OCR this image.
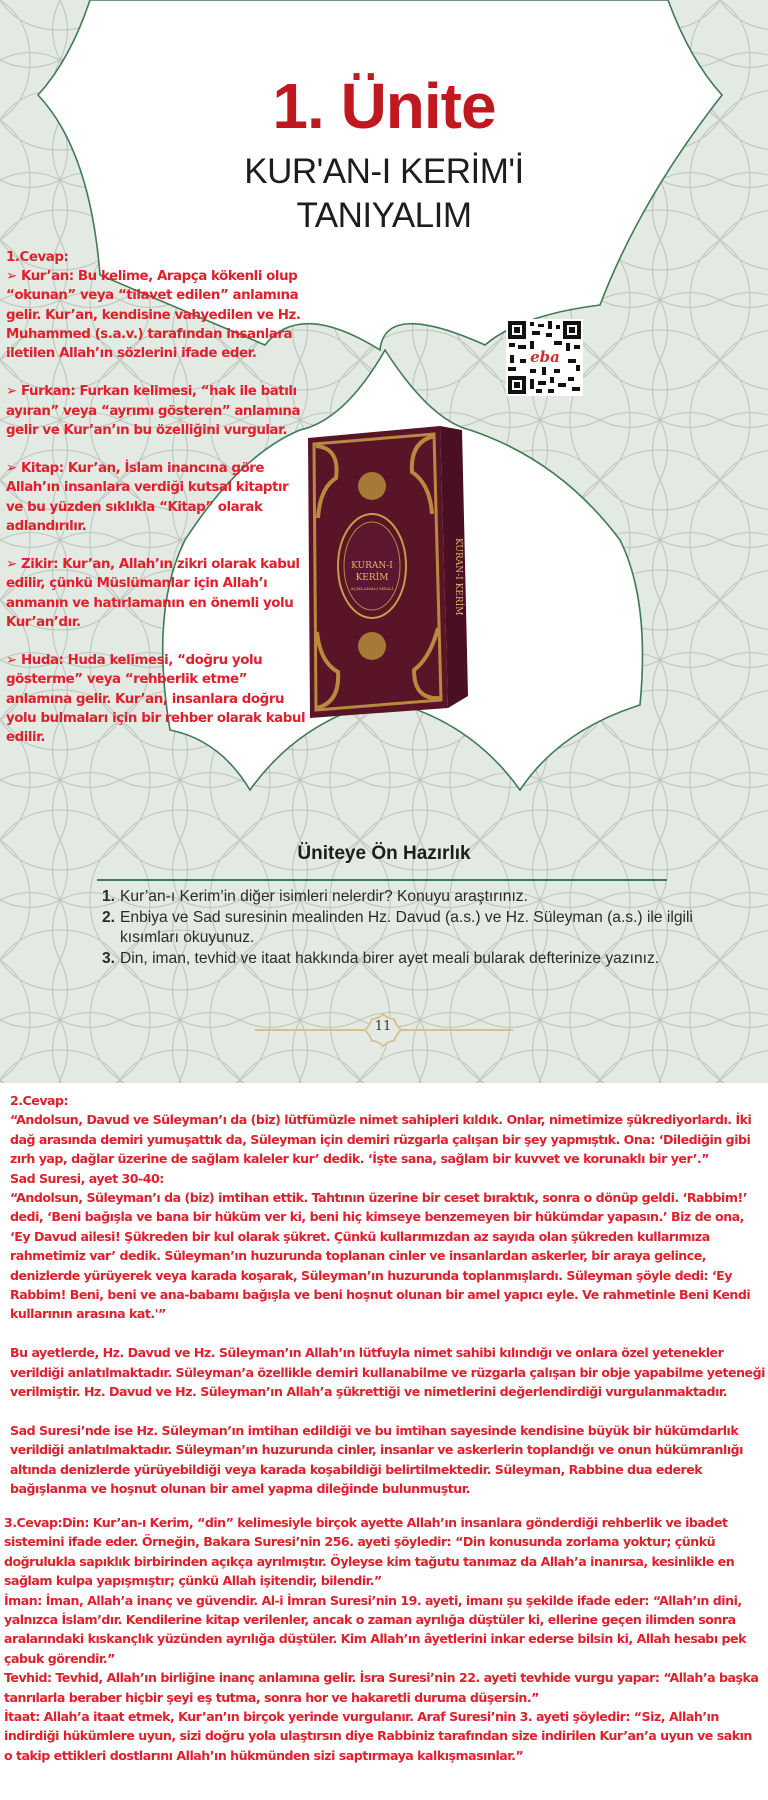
1. Ünite
KUR'AN-I KERİM'İ
TANIYALIM
eba
KURAN-I
KERİM
AÇIKLAMALI MEALİ	KURAN-I KERİM

1.Cevap:

➢ Kur’an: Bu kelime, Arapça kökenli olup “okunan” veya “tilavet edilen” anlamına gelir. Kur’an, kendisine vahyedilen ve Hz. Muhammed (s.a.v.) tarafından insanlara iletilen Allah’ın sözlerini ifade eder.

➢ Furkan: Furkan kelimesi, “hak ile batılı ayıran” veya “ayrımı gösteren” anlamına gelir ve Kur’an’ın bu özelliğini vurgular.

➢ Kitap: Kur’an, İslam inancına göre Allah’ın insanlara verdiği kutsal kitaptır ve bu yüzden sıklıkla “Kitap” olarak adlandırılır.

➢ Zikir: Kur’an, Allah’ın zikri olarak kabul edilir, çünkü Müslümanlar için Allah’ı anmanın ve hatırlamanın en önemli yolu Kur’an’dır.

➢ Huda: Huda kelimesi, “doğru yolu gösterme” veya “rehberlik etme” anlamına gelir. Kur’an, insanlara doğru yolu bulmaları için bir rehber olarak kabul edilir.

Üniteye Ön Hazırlık
1. Kur’an-ı Kerim’in diğer isimleri nelerdir? Konuyu araştırınız.
2. Enbiya ve Sad suresinin mealinden Hz. Davud (a.s.) ve Hz. Süleyman (a.s.) ile ilgili kısımları okuyunuz.
3. Din, iman, tevhid ve itaat hakkında birer ayet meali bularak defterinize yazınız.
11

2.Cevap:

“Andolsun, Davud ve Süleyman’ı da (biz) lütfümüzle nimet sahipleri kıldık. Onlar, nimetimize şükrediyorlardı. İki dağ arasında demiri yumuşattık da, Süleyman için demiri rüzgarla çalışan bir şey yapmıştık. Ona: ‘Dilediğin gibi zırh yap, dağlar üzerine de sağlam kaleler kur’ dedik. ‘İşte sana, sağlam bir kuvvet ve korunaklı bir yer’.”

Sad Suresi, ayet 30-40:

“Andolsun, Süleyman’ı da (biz) imtihan ettik. Tahtının üzerine bir ceset bıraktık, sonra o dönüp geldi. ‘Rabbim!’ dedi, ‘Beni bağışla ve bana bir hüküm ver ki, beni hiç kimseye benzemeyen bir hükümdar yapasın.’ Biz de ona, ‘Ey Davud ailesi! Şükreden bir kul olarak şükret. Çünkü kullarımızdan az sayıda olan şükreden kullarımıza rahmetimiz var’ dedik. Süleyman’ın huzurunda toplanan cinler ve insanlardan askerler, bir araya gelince, denizlerde yürüyerek veya karada koşarak, Süleyman’ın huzurunda toplanmışlardı. Süleyman şöyle dedi: ‘Ey Rabbim! Beni, beni ve ana-babamı bağışla ve beni hoşnut olunan bir amel yapıcı eyle. Ve rahmetinle Beni Kendi kullarının arasına kat.'”

Bu ayetlerde, Hz. Davud ve Hz. Süleyman’ın Allah’ın lütfuyla nimet sahibi kılındığı ve onlara özel yetenekler verildiği anlatılmaktadır. Süleyman’a özellikle demiri kullanabilme ve rüzgarla çalışan bir obje yapabilme yeteneği verilmiştir. Hz. Davud ve Hz. Süleyman’ın Allah’a şükrettiği ve nimetlerini değerlendirdiği vurgulanmaktadır.

Sad Suresi’nde ise Hz. Süleyman’ın imtihan edildiği ve bu imtihan sayesinde kendisine büyük bir hükümdarlık verildiği anlatılmaktadır. Süleyman’ın huzurunda cinler, insanlar ve askerlerin toplandığı ve onun hükümranlığı altında denizlerde yürüyebildiği veya karada koşabildiği belirtilmektedir. Süleyman, Rabbine dua ederek bağışlanma ve hoşnut olunan bir amel yapma dileğinde bulunmuştur.

3.Cevap:Din: Kur’an-ı Kerim, “din” kelimesiyle birçok ayette Allah’ın insanlara gönderdiği rehberlik ve ibadet sistemini ifade eder. Örneğin, Bakara Suresi’nin 256. ayeti şöyledir: “Din konusunda zorlama yoktur; çünkü doğrulukla sapıklık birbirinden açıkça ayrılmıştır. Öyleyse kim tağutu tanımaz da Allah’a inanırsa, kesinlikle en sağlam kulpa yapışmıştır; çünkü Allah işitendir, bilendir.”

İman: İman, Allah’a inanç ve güvendir. Al-i İmran Suresi’nin 19. ayeti, imanı şu şekilde ifade eder: “Allah’ın dini, yalnızca İslam’dır. Kendilerine kitap verilenler, ancak o zaman ayrılığa düştüler ki, ellerine geçen ilimden sonra aralarındaki kıskançlık yüzünden ayrılığa düştüler. Kim Allah’ın âyetlerini inkar ederse bilsin ki, Allah hesabı pek çabuk görendir.”

Tevhid: Tevhid, Allah’ın birliğine inanç anlamına gelir. İsra Suresi’nin 22. ayeti tevhide vurgu yapar: “Allah’a başka tanrılarla beraber hiçbir şeyi eş tutma, sonra hor ve hakaretli duruma düşersin.”

İtaat: Allah’a itaat etmek, Kur’an’ın birçok yerinde vurgulanır. Araf Suresi’nin 3. ayeti şöyledir: “Siz, Allah’ın indirdiği hükümlere uyun, sizi doğru yola ulaştırsın diye Rabbiniz tarafından size indirilen Kur’an’a uyun ve sakın o takip ettikleri dostlarını Allah’ın hükmünden sizi saptırmaya kalkışmasınlar.”
